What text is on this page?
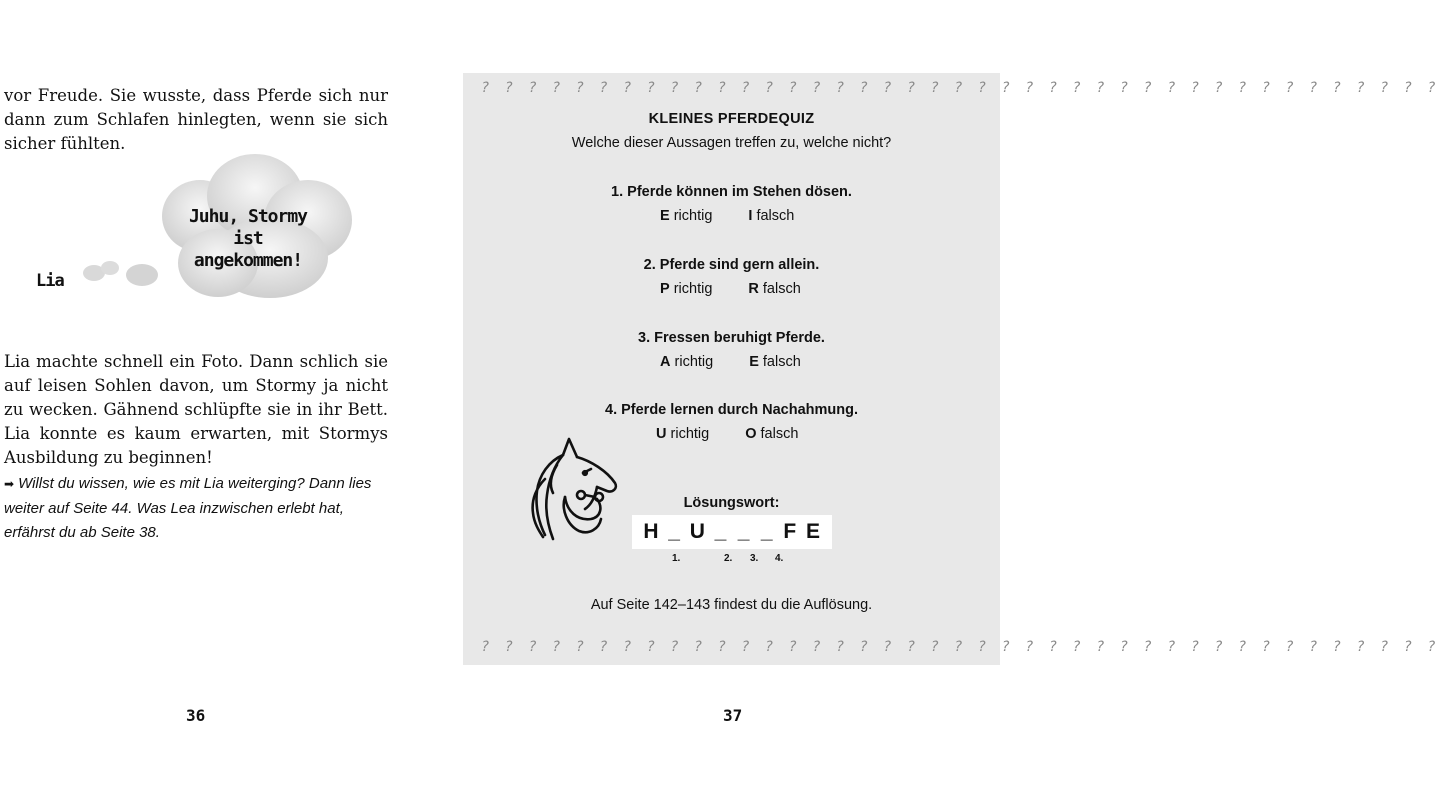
vor Freude. Sie wusste, dass Pferde sich nur dann zum Schlafen hinlegten, wenn sie sich sicher fühlten.
Juhu, Stormy ist
angekommen!
Lia
Lia machte schnell ein Foto. Dann schlich sie auf leisen Sohlen davon, um Stormy ja nicht zu wecken. Gähnend schlüpfte sie in ihr Bett. Lia konnte es kaum erwarten, mit Stormys Ausbildung zu beginnen!
➡ Willst du wissen, wie es mit Lia weiterging? Dann lies weiter auf Seite 44. Was Lea inzwischen erlebt hat, erfährst du ab Seite 38.
36
? ? ? ? ? ? ? ? ? ? ? ? ? ? ? ? ? ? ? ? ? ? ? ? ? ? ? ? ? ? ? ? ? ? ? ? ? ? ? ? ?
KLEINES PFERDEQUIZ
Welche dieser Aussagen treffen zu, welche nicht?
1. Pferde können im Stehen dösen.
E richtig I falsch
2. Pferde sind gern allein.
P richtig R falsch
3. Fressen beruhigt Pferde.
A richtig E falsch
4. Pferde lernen durch Nachahmung.
U richtig O falsch
Lösungswort:
H _ U _ _ _ F E
1.	2. 3. 4.
Auf Seite 142–143 findest du die Auflösung.
? ? ? ? ? ? ? ? ? ? ? ? ? ? ? ? ? ? ? ? ? ? ? ? ? ? ? ? ? ? ? ? ? ? ? ? ? ? ? ? ?
37
